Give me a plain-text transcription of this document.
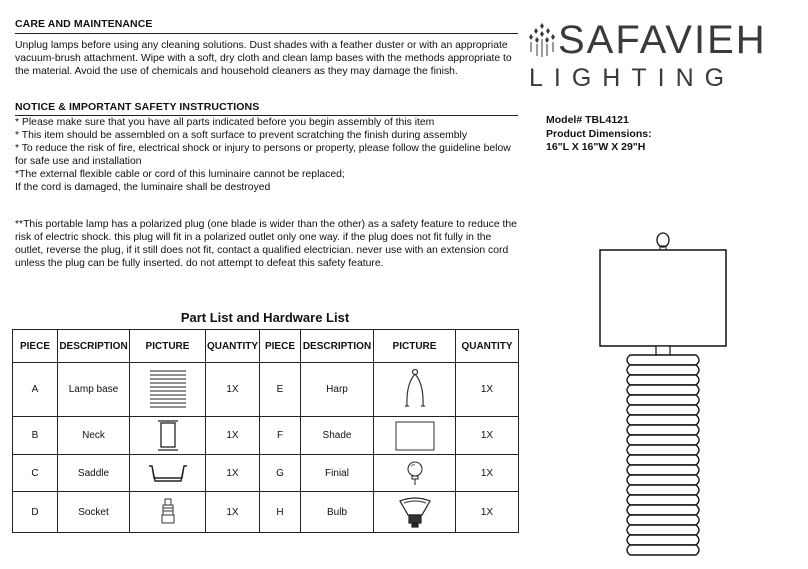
CARE AND MAINTENANCE
Unplug lamps before using any cleaning solutions. Dust shades with a feather duster or with an appropriate
vacuum-brush attachment. Wipe with a soft, dry cloth and clean lamp bases with the methods appropriate to
the material. Avoid the use of chemicals and household cleaners as they may damage the finish.
NOTICE & IMPORTANT SAFETY INSTRUCTIONS
* Please make sure that you have all parts indicated before you begin assembly of this item
* This item should be assembled on a soft surface to prevent scratching the finish during assembly
* To reduce the risk of fire, electrical shock or injury to persons or property, please follow the guideline below
for safe use and installation
*The external flexible cable or cord of this luminaire cannot be replaced;
If the cord is damaged, the luminaire shall be destroyed
**This portable lamp has a polarized plug (one blade is wider than the other) as a safety feature to reduce the
risk of electric shock. this plug will fit in a polarized outlet only one way. if the plug does not fit fully in the
outlet, reverse the plug, if it still does not fit, contact a qualified electrician. never use with an extension cord
unless the plug can be fully inserted. do not attempt to defeat this safety feature.
SAFAVIEH
LIGHTING
Model# TBL4121
Product Dimensions:
16"L X 16"W X 29"H
Part List and Hardware List
PIECE	DESCRIPTION	PICTURE	QUANTITY	PIECE	DESCRIPTION	PICTURE	QUANTITY
A	Lamp base		1X	E	Harp		1X
B	Neck		1X	F	Shade		1X
C	Saddle		1X	G	Finial		1X
D	Socket		1X	H	Bulb		1X
